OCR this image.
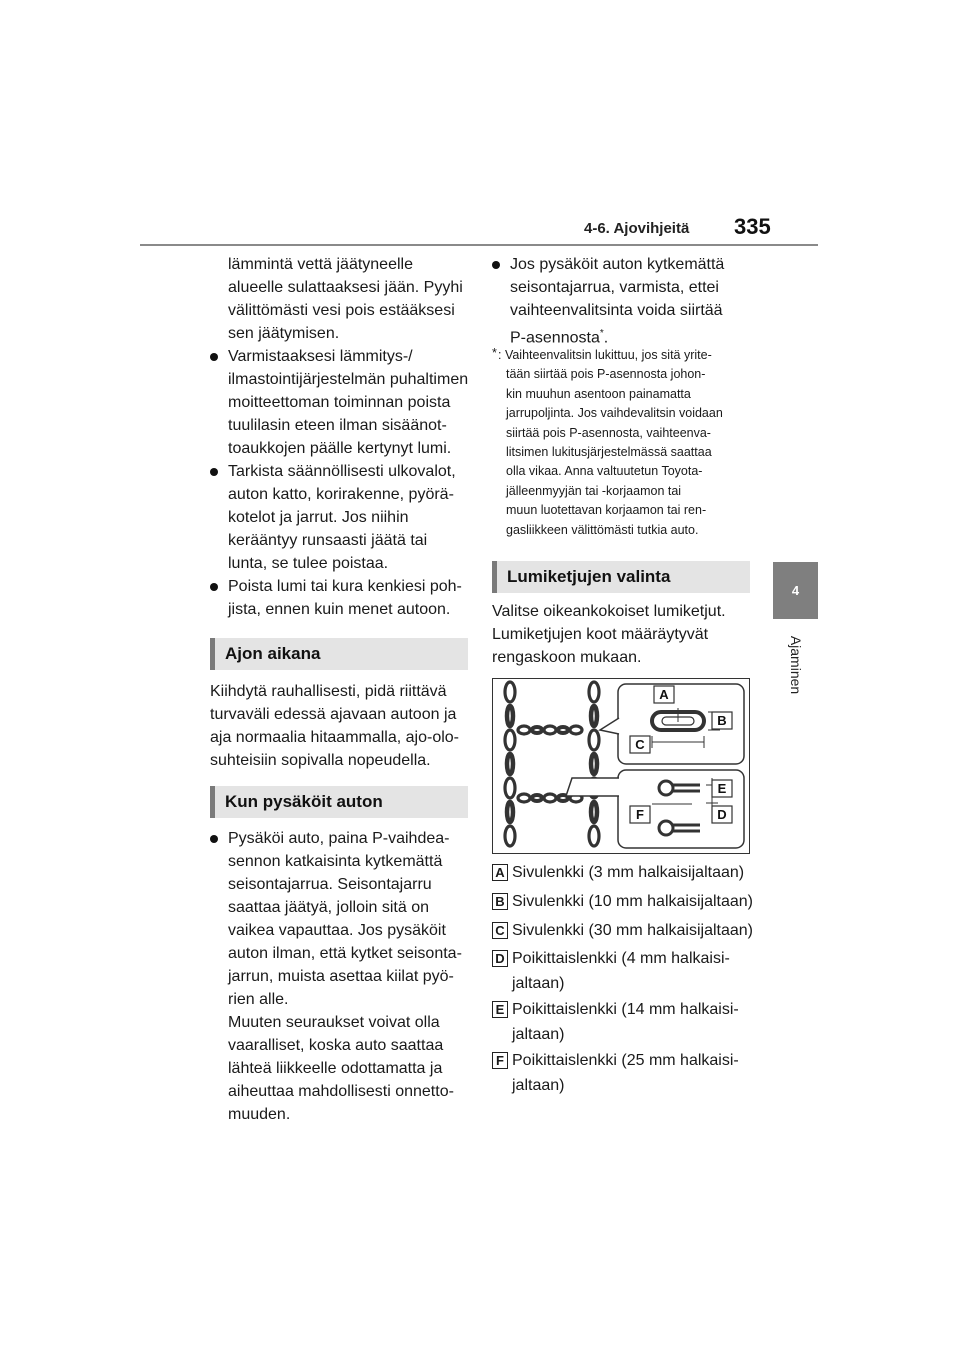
4-6. Ajovihjeitä 335
4
Ajaminen
lämmintä vettä jäätyneelle
alueelle sulattaaksesi jään. Pyyhi
välittömästi vesi pois estääksesi
sen jäätymisen.
Varmistaaksesi lämmitys-/
ilmastointijärjestelmän puhaltimen
moitteettoman toiminnan poista
tuulilasin eteen ilman sisäänot-
toaukkojen päälle kertynyt lumi.
Tarkista säännöllisesti ulkovalot,
auton katto, korirakenne, pyörä-
kotelot ja jarrut. Jos niihin
kerääntyy runsaasti jäätä tai
lunta, se tulee poistaa.
Poista lumi tai kura kenkiesi poh-
jista, ennen kuin menet autoon.
Ajon aikana
Kiihdytä rauhallisesti, pidä riittävä
turvaväli edessä ajavaan autoon ja
aja normaalia hitaammalla, ajo-olo-
suhteisiin sopivalla nopeudella.
Kun pysäköit auton
Pysäköi auto, paina P-vaihdea-
sennon katkaisinta kytkemättä
seisontajarrua. Seisontajarru
saattaa jäätyä, jolloin sitä on
vaikea vapauttaa. Jos pysäköit
auton ilman, että kytket seisonta-
jarrun, muista asettaa kiilat pyö-
rien alle.
Muuten seuraukset voivat olla
vaaralliset, koska auto saattaa
lähteä liikkeelle odottamatta ja
aiheuttaa mahdollisesti onnetto-
muuden.
Jos pysäköit auton kytkemättä
seisontajarrua, varmista, ettei
vaihteenvalitsinta voida siirtää
P-asennosta*.
* : Vaihteenvalitsin lukittuu, jos sitä yrite-
tään siirtää pois P-asennosta johon-
kin muuhun asentoon painamatta
jarrupoljinta. Jos vaihdevalitsin voidaan
siirtää pois P-asennosta, vaihteenva-
litsimen lukitusjärjestelmässä saattaa
olla vikaa. Anna valtuutetun Toyota-
jälleenmyyjän tai -korjaamon tai
muun luotettavan korjaamon tai ren-
gasliikkeen välittömästi tutkia auto.
Lumiketjujen valinta
Valitse oikeankokoiset lumiketjut.
Lumiketjujen koot määräytyvät
rengaskoon mukaan.
A
B
C
D
E
F
A Sivulenkki (3 mm halkaisijaltaan)
B Sivulenkki (10 mm halkaisijaltaan)
C Sivulenkki (30 mm halkaisijaltaan)
D Poikittaislenkki (4 mm halkaisi-
jaltaan)
E Poikittaislenkki (14 mm halkaisi-
jaltaan)
F Poikittaislenkki (25 mm halkaisi-
jaltaan)
